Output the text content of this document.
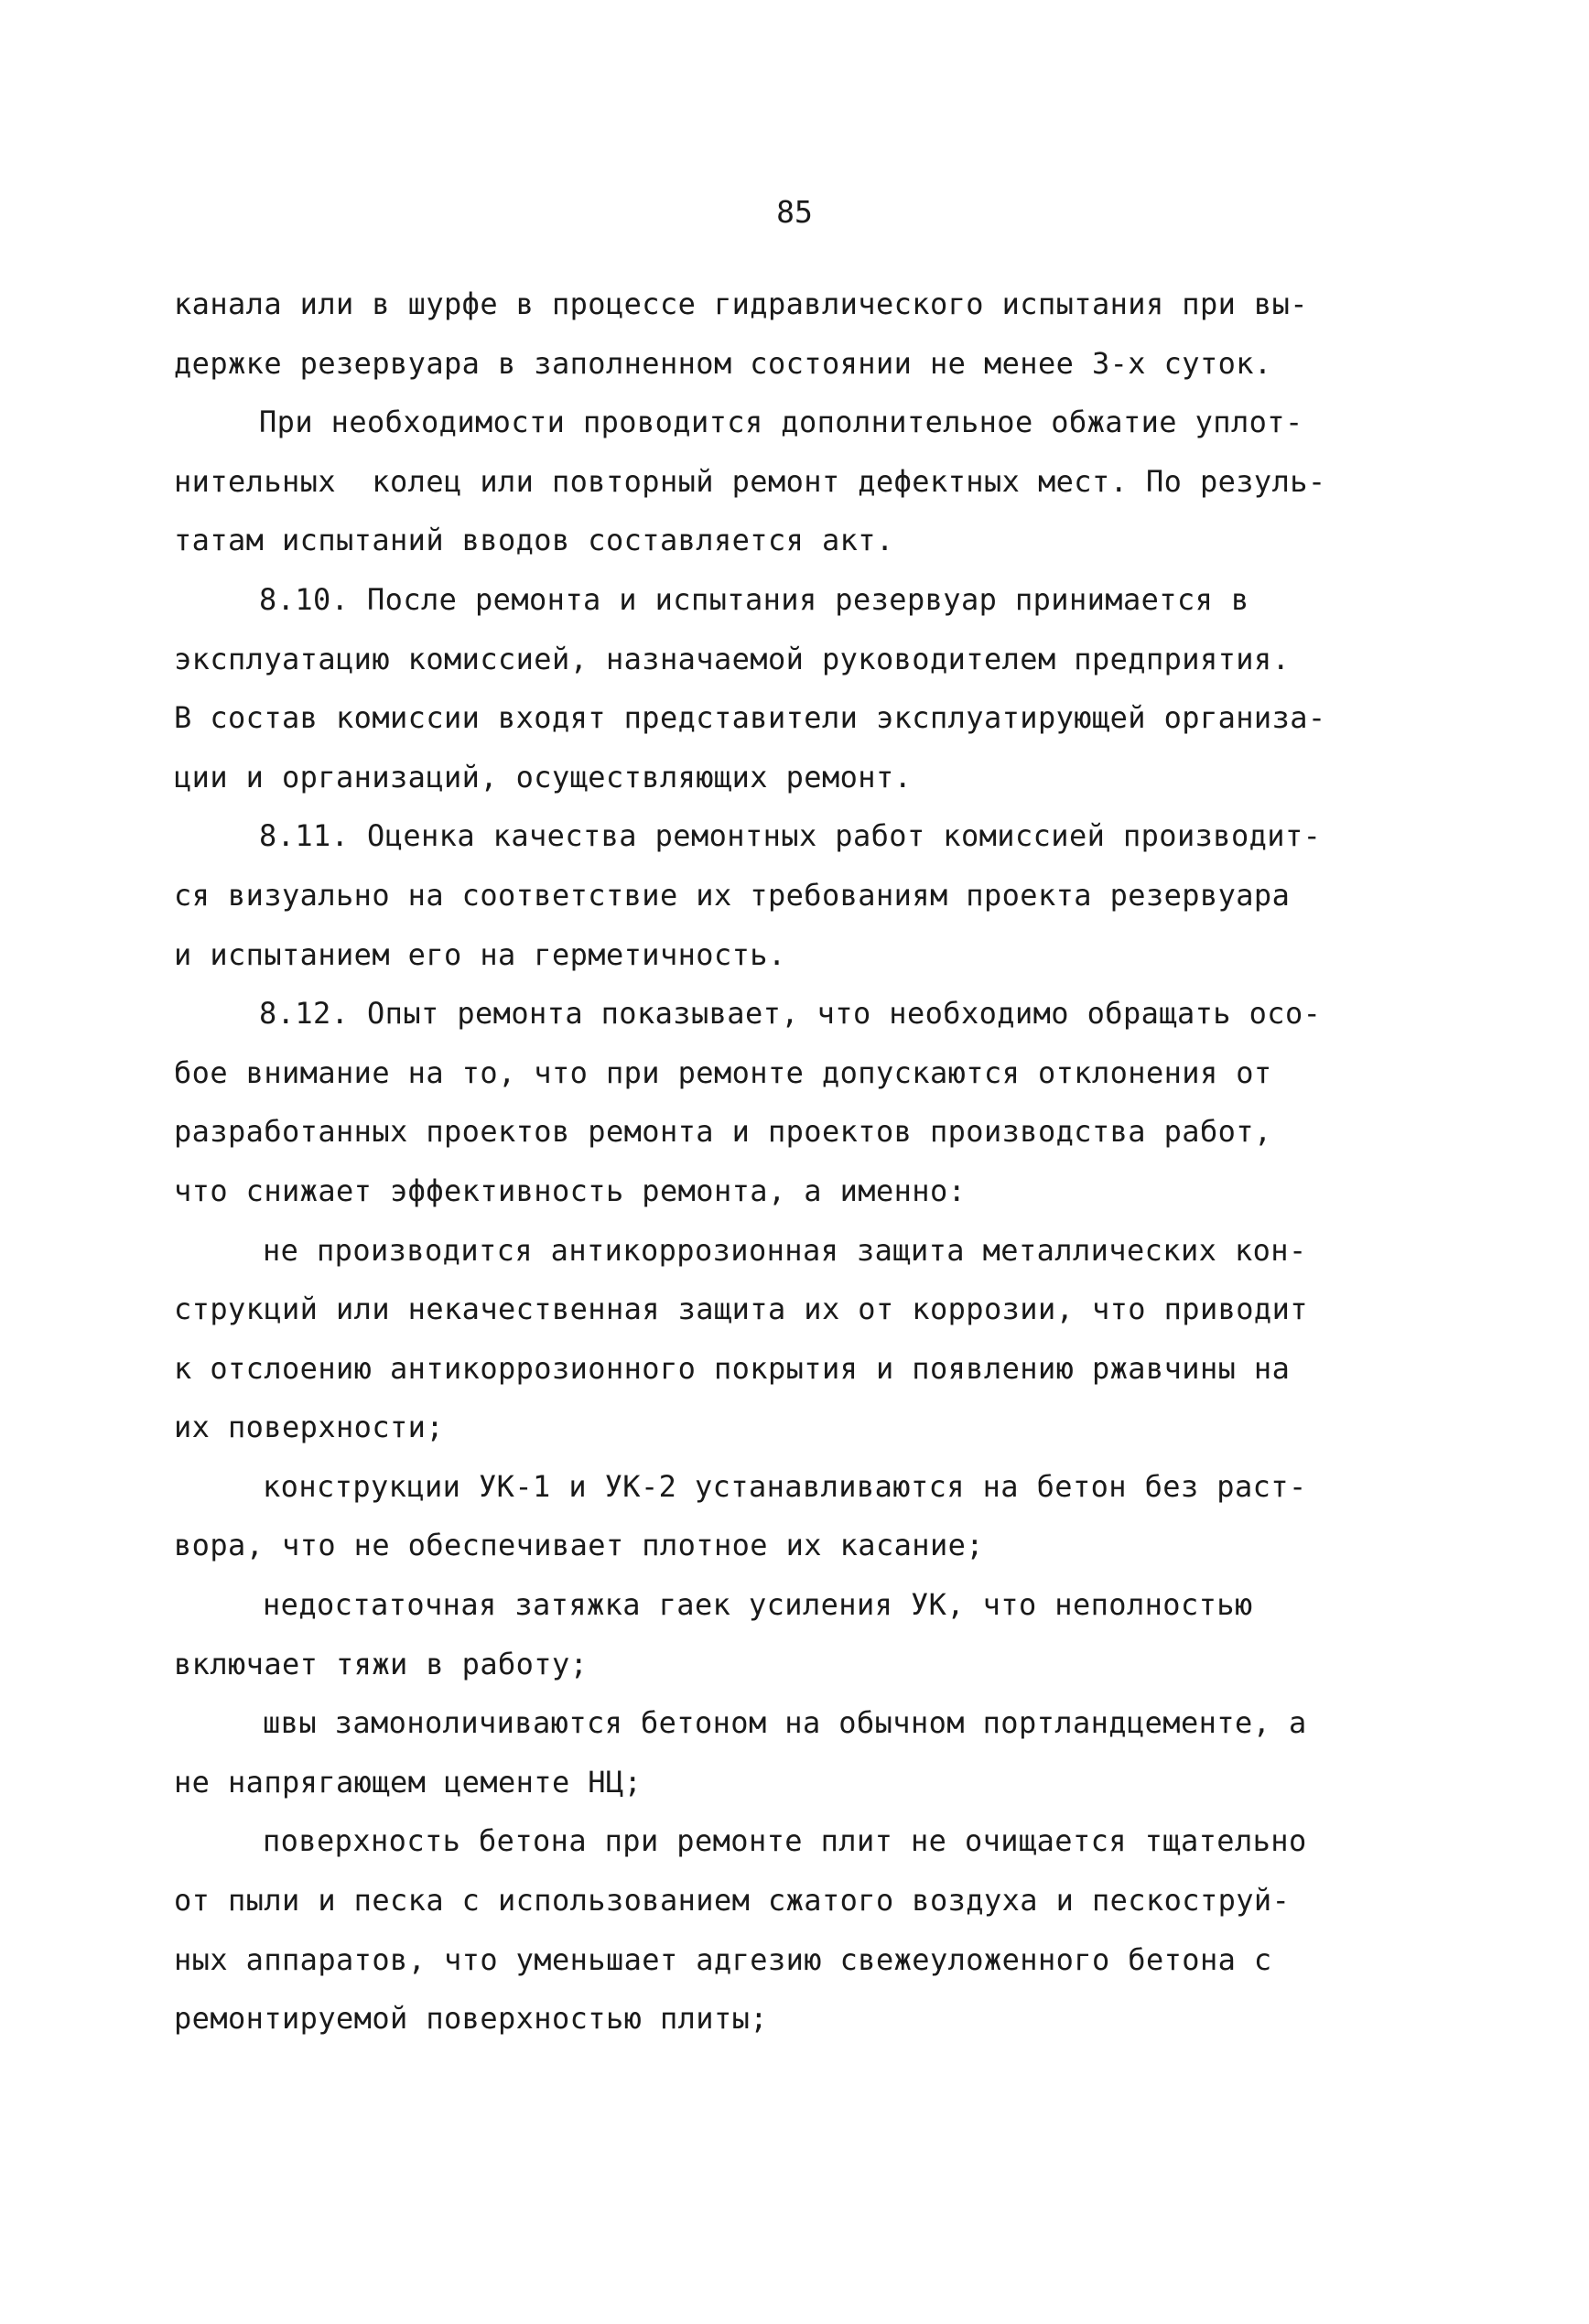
85
канала или в шурфе в процессе гидравлического испытания при вы-
держке резервуара в заполненном состоянии не менее 3-х суток.
При необходимости проводится дополнительное обжатие уплот-
нительных  колец или повторный ремонт дефектных мест. По резуль-
татам испытаний вводов составляется акт.
8.10. После ремонта и испытания резервуар принимается в
эксплуатацию комиссией, назначаемой руководителем предприятия.
В состав комиссии входят представители эксплуатирующей организа-
ции и организаций, осуществляющих ремонт.
8.11. Оценка качества ремонтных работ комиссией производит-
ся визуально на соответствие их требованиям проекта резервуара
и испытанием его на герметичность.
8.12. Опыт ремонта показывает, что необходимо обращать осо-
бое внимание на то, что при ремонте допускаются отклонения от
разработанных проектов ремонта и проектов производства работ,
что снижает эффективность ремонта, а именно:
не производится антикоррозионная защита металлических кон-
струкций или некачественная защита их от коррозии, что приводит
к отслоению антикоррозионного покрытия и появлению ржавчины на
их поверхности;
конструкции УК-1 и УК-2 устанавливаются на бетон без раст-
вора, что не обеспечивает плотное их касание;
недостаточная затяжка гаек усиления УК, что неполностью
включает тяжи в работу;
швы замоноличиваются бетоном на обычном портландцементе, а
не напрягающем цементе НЦ;
поверхность бетона при ремонте плит не очищается тщательно
от пыли и песка с использованием сжатого воздуха и пескоструй-
ных аппаратов, что уменьшает адгезию свежеуложенного бетона с
ремонтируемой поверхностью плиты;
